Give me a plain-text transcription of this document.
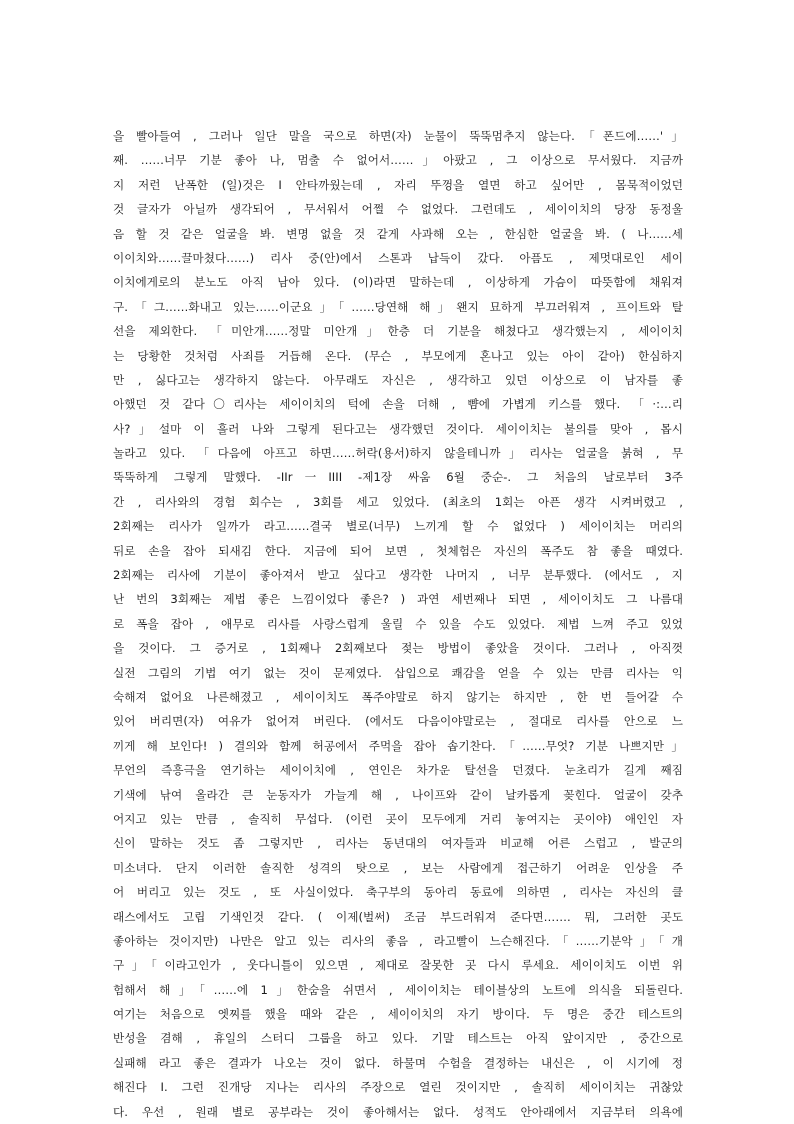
을 빨아들여 , 그러나 일단 말을 국으로 하면(자) 눈물이 뚝뚝멈추지 않는다.「폰드에……'」
째. ……너무 기분 좋아 나, 멈출 수 없어서……」아팠고 , 그 이상으로 무서웠다. 지금까
지 저런 난폭한 (일)것은 I 안타까웠는데 , 자리 뚜껑을 열면 하고 싶어만 , 몸묵적이었던
것 글자가 아닐까 생각되어 , 무서워서 어쩔 수 없었다. 그런데도 , 세이이치의 당장 동정울
음 할 것 같은 얼굴을 봐. 변명 없을 것 같게 사과해 오는 , 한심한 얼굴을 봐. ( 나……세
이이치와……끌마쳤다……) 리사 중(안)에서 스톤과 납득이 갔다. 아픔도 , 제멋대로인 세이
이치에게로의 분노도 아직 남아 있다. (이)라면 말하는데 , 이상하게 가슴이 따뜻함에 채워져
구.「그……화내고 있는……이군요」「……당연해 해」왠지 묘하게 부끄러워져 , 프이트와 탈
선을 제외한다. 「미안개……정말 미안개」한층 더 기분을 해쳤다고 생각했는지 , 세이이치
는 당황한 것처럼 사죄를 거듭해 온다. (무슨 , 부모에게 혼나고 있는 아이 같아) 한심하지
만 , 싫다고는 생각하지 않는다. 아무래도 자신은 , 생각하고 있던 이상으로 이 남자를 좋
아했던 것 같다〇리사는 세이이치의 턱에 손을 더해 , 뺨에 가볍게 키스를 했다. 「·:…리
사?」설마 이 흘러 나와 그렇게 된다고는 생각했던 것이다. 세이이치는 불의를 맞아 , 몹시
놀라고 있다. 「다음에 아프고 하면……허락(용서)하지 않을테니까」리사는 얼굴을 붉혀 , 무
뚝뚝하게 그렇게 말했다. -IIr一IIII -제1장 싸움 6월 중순-. 그 처음의 날로부터 3주
간 , 리사와의 경험 회수는 , 3회를 세고 있었다. (최초의 1회는 아픈 생각 시켜버렸고 ,
2회째는 리사가 일까가 라고……결국 별로(너무) 느끼게 할 수 없었다 ) 세이이치는 머리의
뒤로 손을 잡아 되새김 한다. 지금에 되어 보면 , 첫체험은 자신의 폭주도 참 좋을 때였다.
2회째는 리사에 기분이 좋아져서 받고 싶다고 생각한 나머지 , 너무 분투했다. (에서도 , 지
난 번의 3회째는 제법 좋은 느낌이었다 좋은? ) 과연 세번째나 되면 , 세이이치도 그 나름대
로 폭을 잡아 , 애무로 리사를 사랑스럽게 울릴 수 있을 수도 있었다. 제법 느껴 주고 있었
을 것이다. 그 증거로 , 1회째나 2회째보다 젖는 방법이 좋았을 것이다. 그러나 , 아직껏
실전 그림의 기법 여기 없는 것이 문제였다. 삽입으로 쾌감을 얻을 수 있는 만큼 리사는 익
숙해져 없어요 나른해졌고 , 세이이치도 폭주야말로 하지 않기는 하지만 , 한 번 들어갈 수
있어 버리면(자) 여유가 없어져 버린다. (에서도 다음이야말로는 , 절대로 리사를 안으로 느
끼게 해 보인다! ) 결의와 함께 허공에서 주먹을 잡아 솝기찬다.「……무엇? 기분 나쁘지만」
무언의 즉흥극을 연기하는 세이이치에 , 연인은 차가운 탈선을 던졌다. 눈초리가 길게 째짐
기색에 낚여 올라간 큰 눈동자가 가늘게 해 , 나이프와 같이 날카롭게 꽂힌다. 얼굴이 갖추
어지고 있는 만큼 , 솔직히 무섭다. (이런 곳이 모두에게 거리 놓여지는 곳이야) 애인인 자
신이 말하는 것도 좀 그렇지만 , 리사는 동년대의 여자들과 비교해 어른 스럽고 , 발군의
미소녀다. 단지 이러한 솔직한 성격의 탓으로 , 보는 사람에게 접근하기 어려운 인상을 주
어 버리고 있는 것도 , 또 사실이었다. 축구부의 동아리 동료에 의하면 , 리사는 자신의 클
래스에서도 고립 기색인것 같다. ( 이제(벌써) 조금 부드러워져 준다면……. 뭐, 그러한 곳도
좋아하는 것이지만) 나만은 알고 있는 리사의 좋음 , 라고빨이 느슨해진다.「……기분악」「개
구」「이라고인가 , 웃다니틀이 있으면 , 제대로 잘못한 곳 다시 루세요. 세이이치도 이번 위
험해서 해」「……에 1」한숨을 쉬면서 , 세이이치는 테이블상의 노트에 의식을 되돌린다.
여기는 처음으로 엣찌를 했을 때와 같은 , 세이이치의 자기 방이다. 두 명은 중간 테스트의
반성을 겸해 , 휴일의 스터디 그룹을 하고 있다. 기말 테스트는 아직 앞이지만 , 중간으로
실패해 라고 좋은 결과가 나오는 것이 없다. 하물며 수험을 결정하는 내신은 , 이 시기에 정
해진다 I. 그런 진개당 지나는 리사의 주장으로 열린 것이지만 , 솔직히 세이이치는 귀찮았
다. 우선 , 원래 별로 공부라는 것이 좋아해서는 없다. 성적도 안아래에서 지금부터 의욕에
